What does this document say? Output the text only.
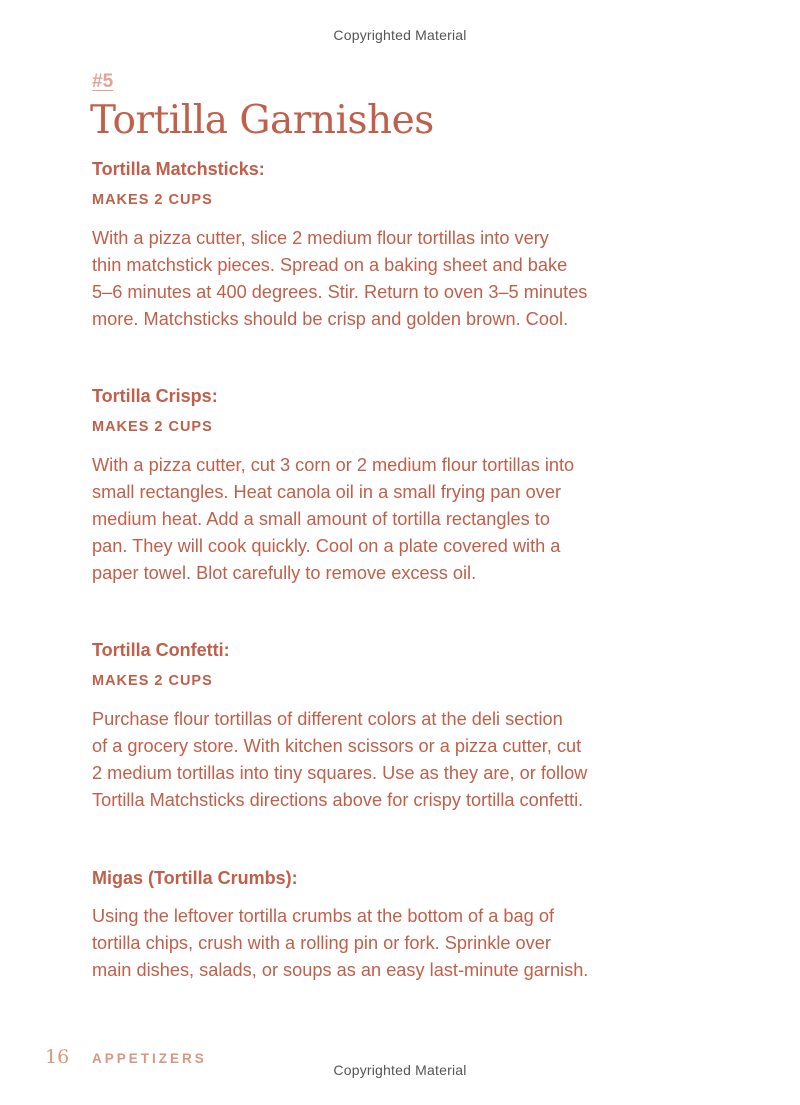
Copyrighted Material

#5

Tortilla Garnishes
Tortilla Matchsticks:

MAKES 2 CUPS

With a pizza cutter, slice 2 medium flour tortillas into very

thin matchstick pieces. Spread on a baking sheet and bake

5–6 minutes at 400 degrees. Stir. Return to oven 3–5 minutes

more. Matchsticks should be crisp and golden brown. Cool.

Tortilla Crisps:

MAKES 2 CUPS

With a pizza cutter, cut 3 corn or 2 medium flour tortillas into

small rectangles. Heat canola oil in a small frying pan over

medium heat. Add a small amount of tortilla rectangles to

pan. They will cook quickly. Cool on a plate covered with a

paper towel. Blot carefully to remove excess oil.

Tortilla Confetti:

MAKES 2 CUPS

Purchase flour tortillas of different colors at the deli section

of a grocery store. With kitchen scissors or a pizza cutter, cut

2 medium tortillas into tiny squares. Use as they are, or follow

Tortilla Matchsticks directions above for crispy tortilla confetti.

Migas (Tortilla Crumbs):

Using the leftover tortilla crumbs at the bottom of a bag of

tortilla chips, crush with a rolling pin or fork. Sprinkle over

main dishes, salads, or soups as an easy last-minute garnish.

16 APPETIZERS
Copyrighted Material
